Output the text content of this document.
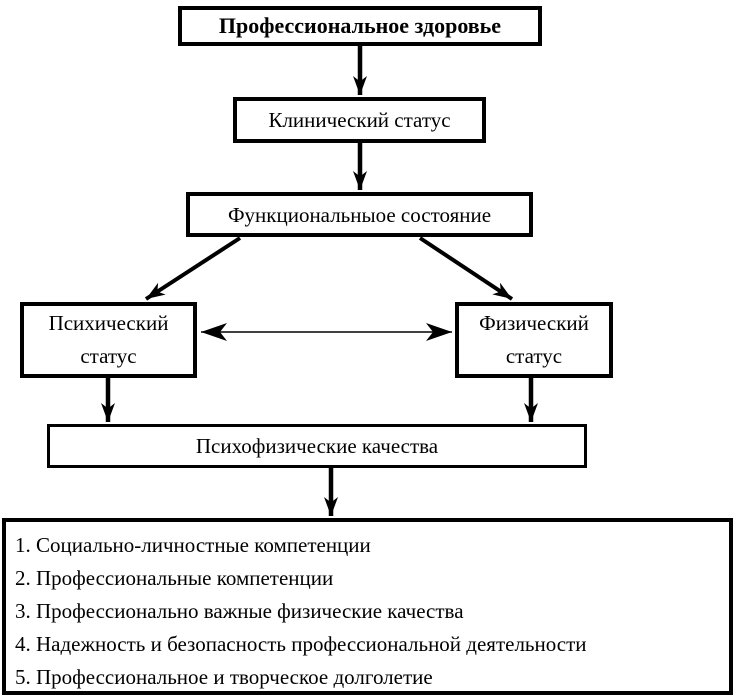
Профессиональное здоровье
Клинический статус
Функциональныое состояние
Психический статус
Физический статус
Психофизические качества
1. Социально-личностные компетенции
2. Профессиональные компетенции
3. Профессионально важные физические качества
4. Надежность и безопасность профессиональной деятельности
5. Профессиональное и творческое долголетие
